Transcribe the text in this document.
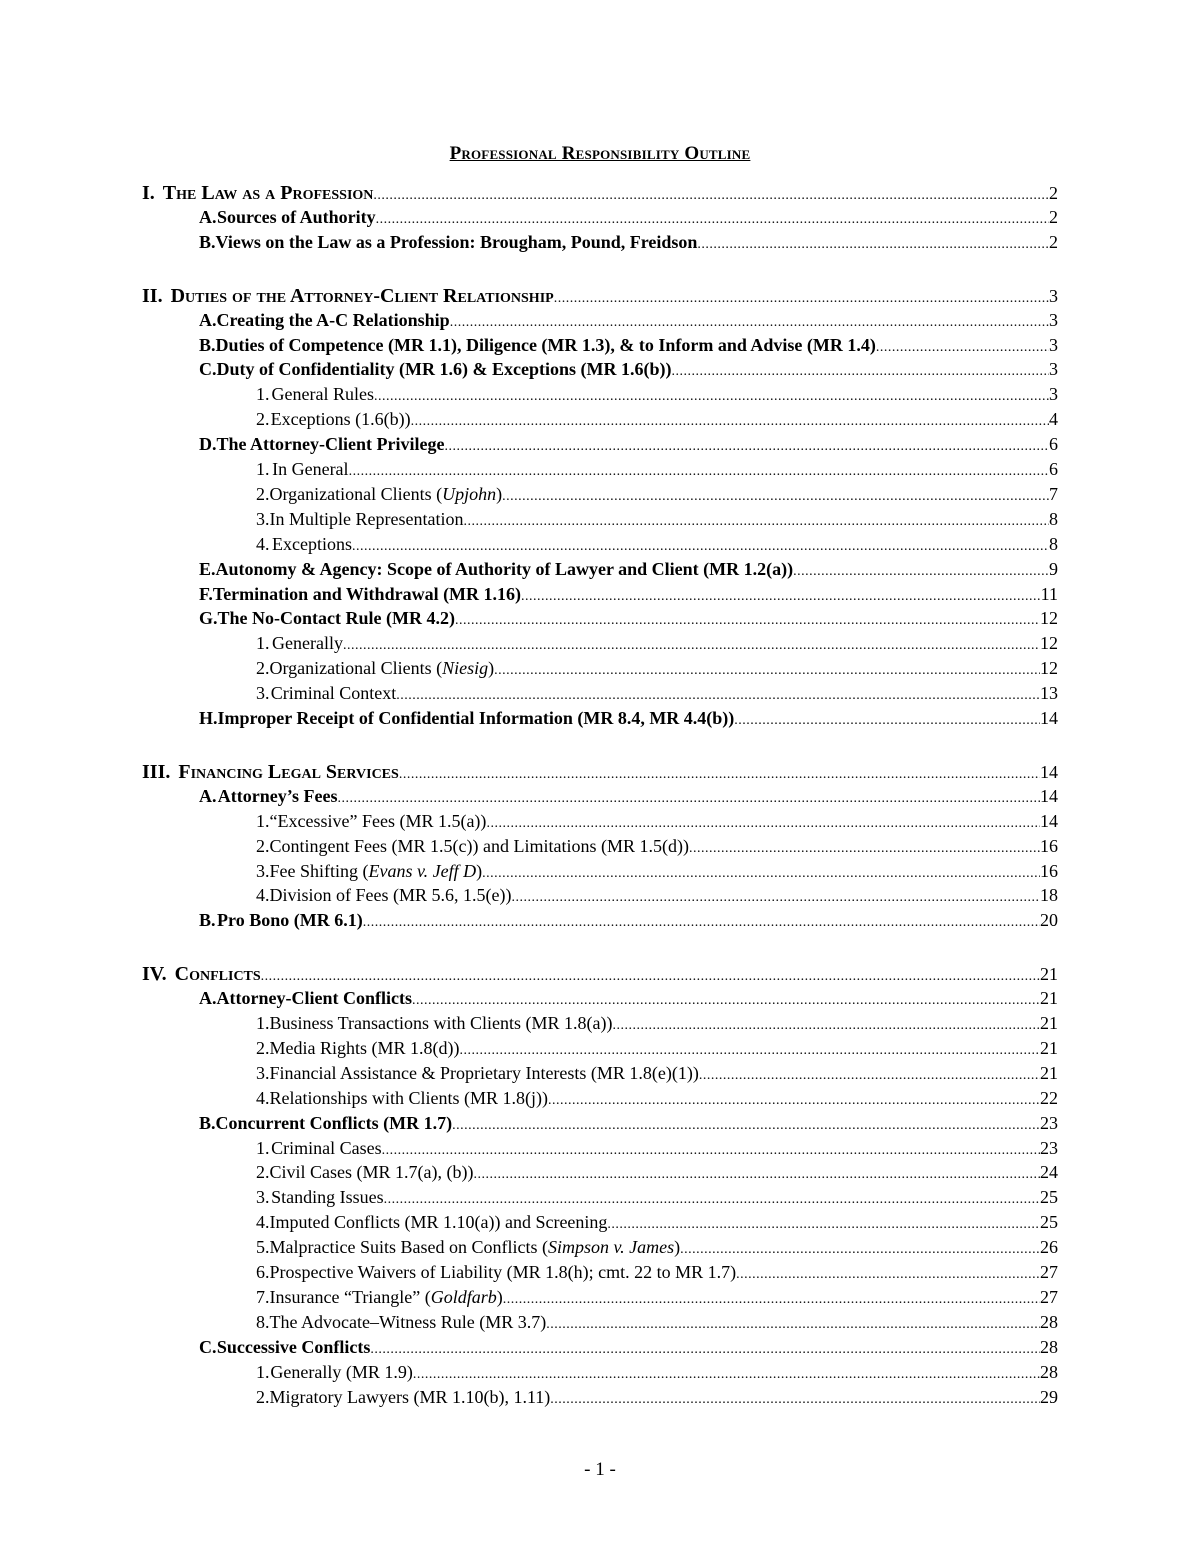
Professional Responsibility Outline
I. The Law as a Profession .....	2
A. Sources of Authority .....	2
B. Views on the Law as a Profession: Brougham, Pound, Freidson .....	2
II. Duties of the Attorney-Client Relationship .....	3
A. Creating the A-C Relationship .....	3
B. Duties of Competence (MR 1.1), Diligence (MR 1.3), & to Inform and Advise (MR 1.4) .....	3
C. Duty of Confidentiality (MR 1.6) & Exceptions (MR 1.6(b)) .....	3
1. General Rules .....	3
2. Exceptions (1.6(b)) .....	4
D. The Attorney-Client Privilege .....	6
1. In General .....	6
2. Organizational Clients (Upjohn) .....	7
3. In Multiple Representation .....	8
4. Exceptions .....	8
E. Autonomy & Agency: Scope of Authority of Lawyer and Client (MR 1.2(a)) .....	9
F. Termination and Withdrawal (MR 1.16) .....	11
G. The No-Contact Rule (MR 4.2) .....	12
1. Generally .....	12
2. Organizational Clients (Niesig) .....	12
3. Criminal Context .....	13
H. Improper Receipt of Confidential Information (MR 8.4, MR 4.4(b)) .....	14
III. Financing Legal Services .....	14
A. Attorney’s Fees .....	14
1. “Excessive” Fees (MR 1.5(a)) .....	14
2. Contingent Fees (MR 1.5(c)) and Limitations (MR 1.5(d)) .....	16
3. Fee Shifting (Evans v. Jeff D) .....	16
4. Division of Fees (MR 5.6, 1.5(e)) .....	18
B. Pro Bono (MR 6.1) .....	20
IV. Conflicts .....	21
A. Attorney-Client Conflicts .....	21
1. Business Transactions with Clients (MR 1.8(a)) .....	21
2. Media Rights (MR 1.8(d)) .....	21
3. Financial Assistance & Proprietary Interests (MR 1.8(e)(1)) .....	21
4. Relationships with Clients (MR 1.8(j)) .....	22
B. Concurrent Conflicts (MR 1.7) .....	23
1. Criminal Cases .....	23
2. Civil Cases (MR 1.7(a), (b)) .....	24
3. Standing Issues .....	25
4. Imputed Conflicts (MR 1.10(a)) and Screening .....	25
5. Malpractice Suits Based on Conflicts (Simpson v. James) .....	26
6. Prospective Waivers of Liability (MR 1.8(h); cmt. 22 to MR 1.7) .....	27
7. Insurance “Triangle” (Goldfarb) .....	27
8. The Advocate–Witness Rule (MR 3.7) .....	28
C. Successive Conflicts .....	28
1. Generally (MR 1.9) .....	28
2. Migratory Lawyers (MR 1.10(b), 1.11) .....	29
- 1 -
